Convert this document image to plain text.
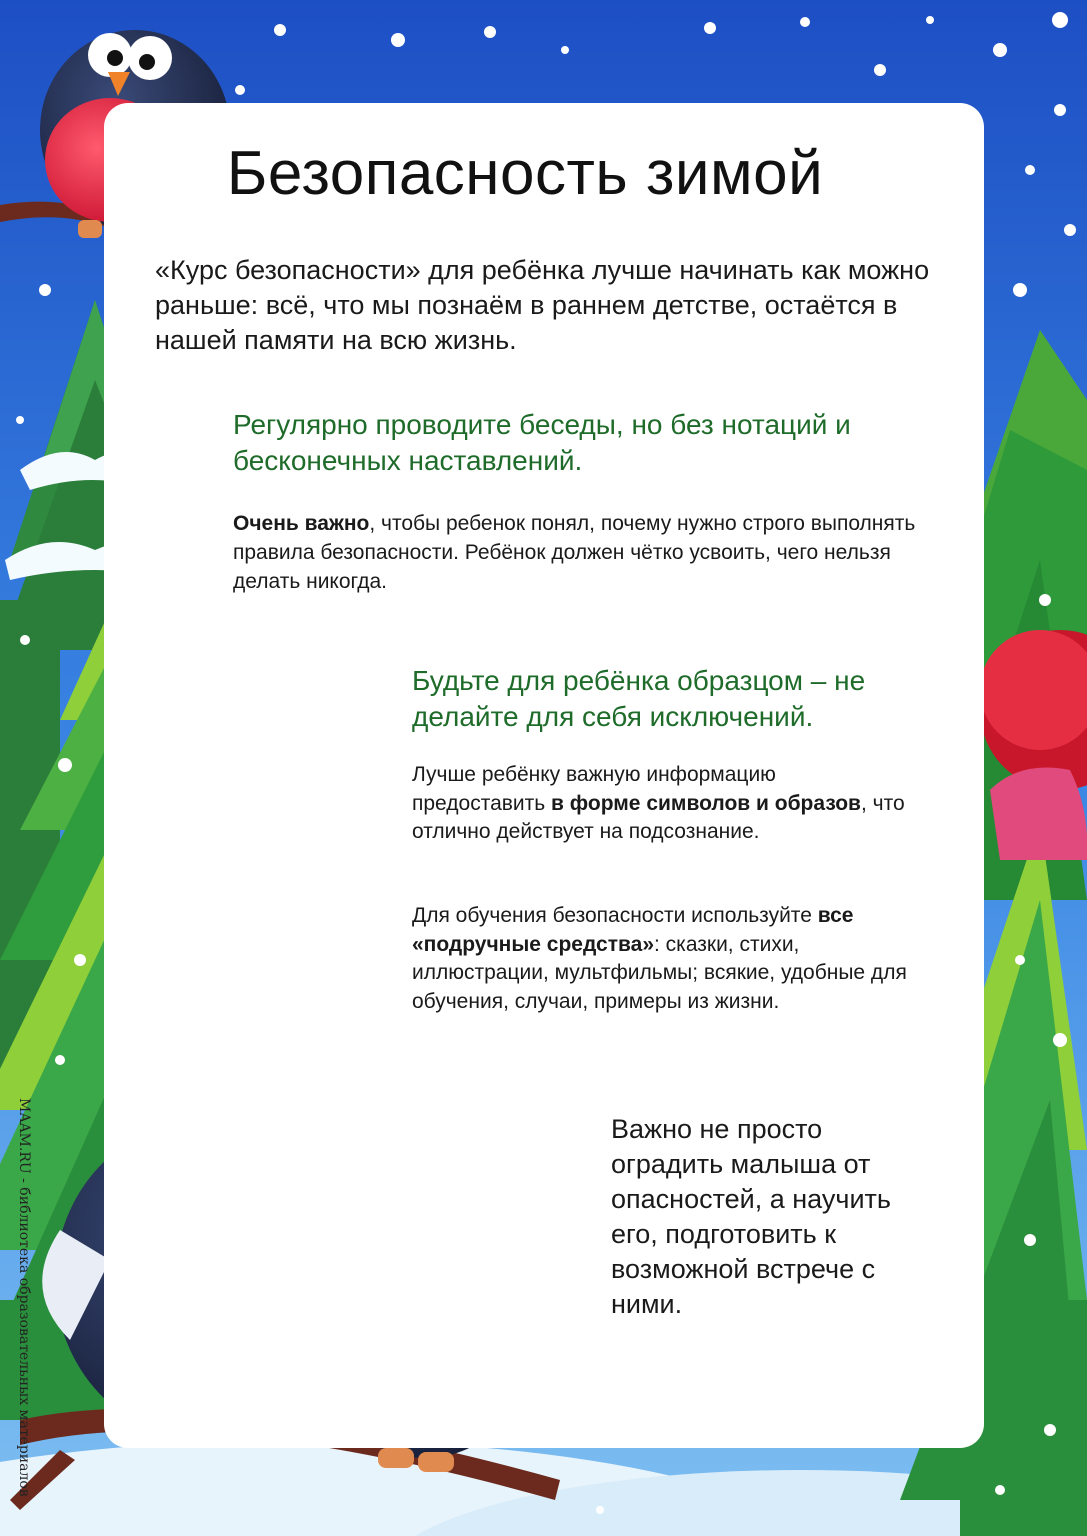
Безопасность зимой

«Курс безопасности» для ребёнка лучше начинать как можно раньше: всё, что мы познаём в раннем детстве, остаётся в нашей памяти на всю жизнь.

Регулярно проводите беседы, но без нотаций и бесконечных наставлений.

Очень важно, чтобы ребенок понял, почему нужно строго выполнять правила безопасности. Ребёнок должен чётко усвоить, чего нельзя делать никогда.

Будьте для ребёнка образцом – не делайте для себя исключений.

Лучше ребёнку важную информацию предоставить в форме символов и образов, что отлично действует на подсознание.

Для обучения безопасности используйте все «подручные средства»: сказки, стихи, иллюстрации, мультфильмы; всякие, удобные для обучения, случаи, примеры из жизни.

Важно не просто оградить малыша от опасностей, а научить его, подготовить к возможной встрече с ними.

MAAM.RU - библиотека образовательных материалов
